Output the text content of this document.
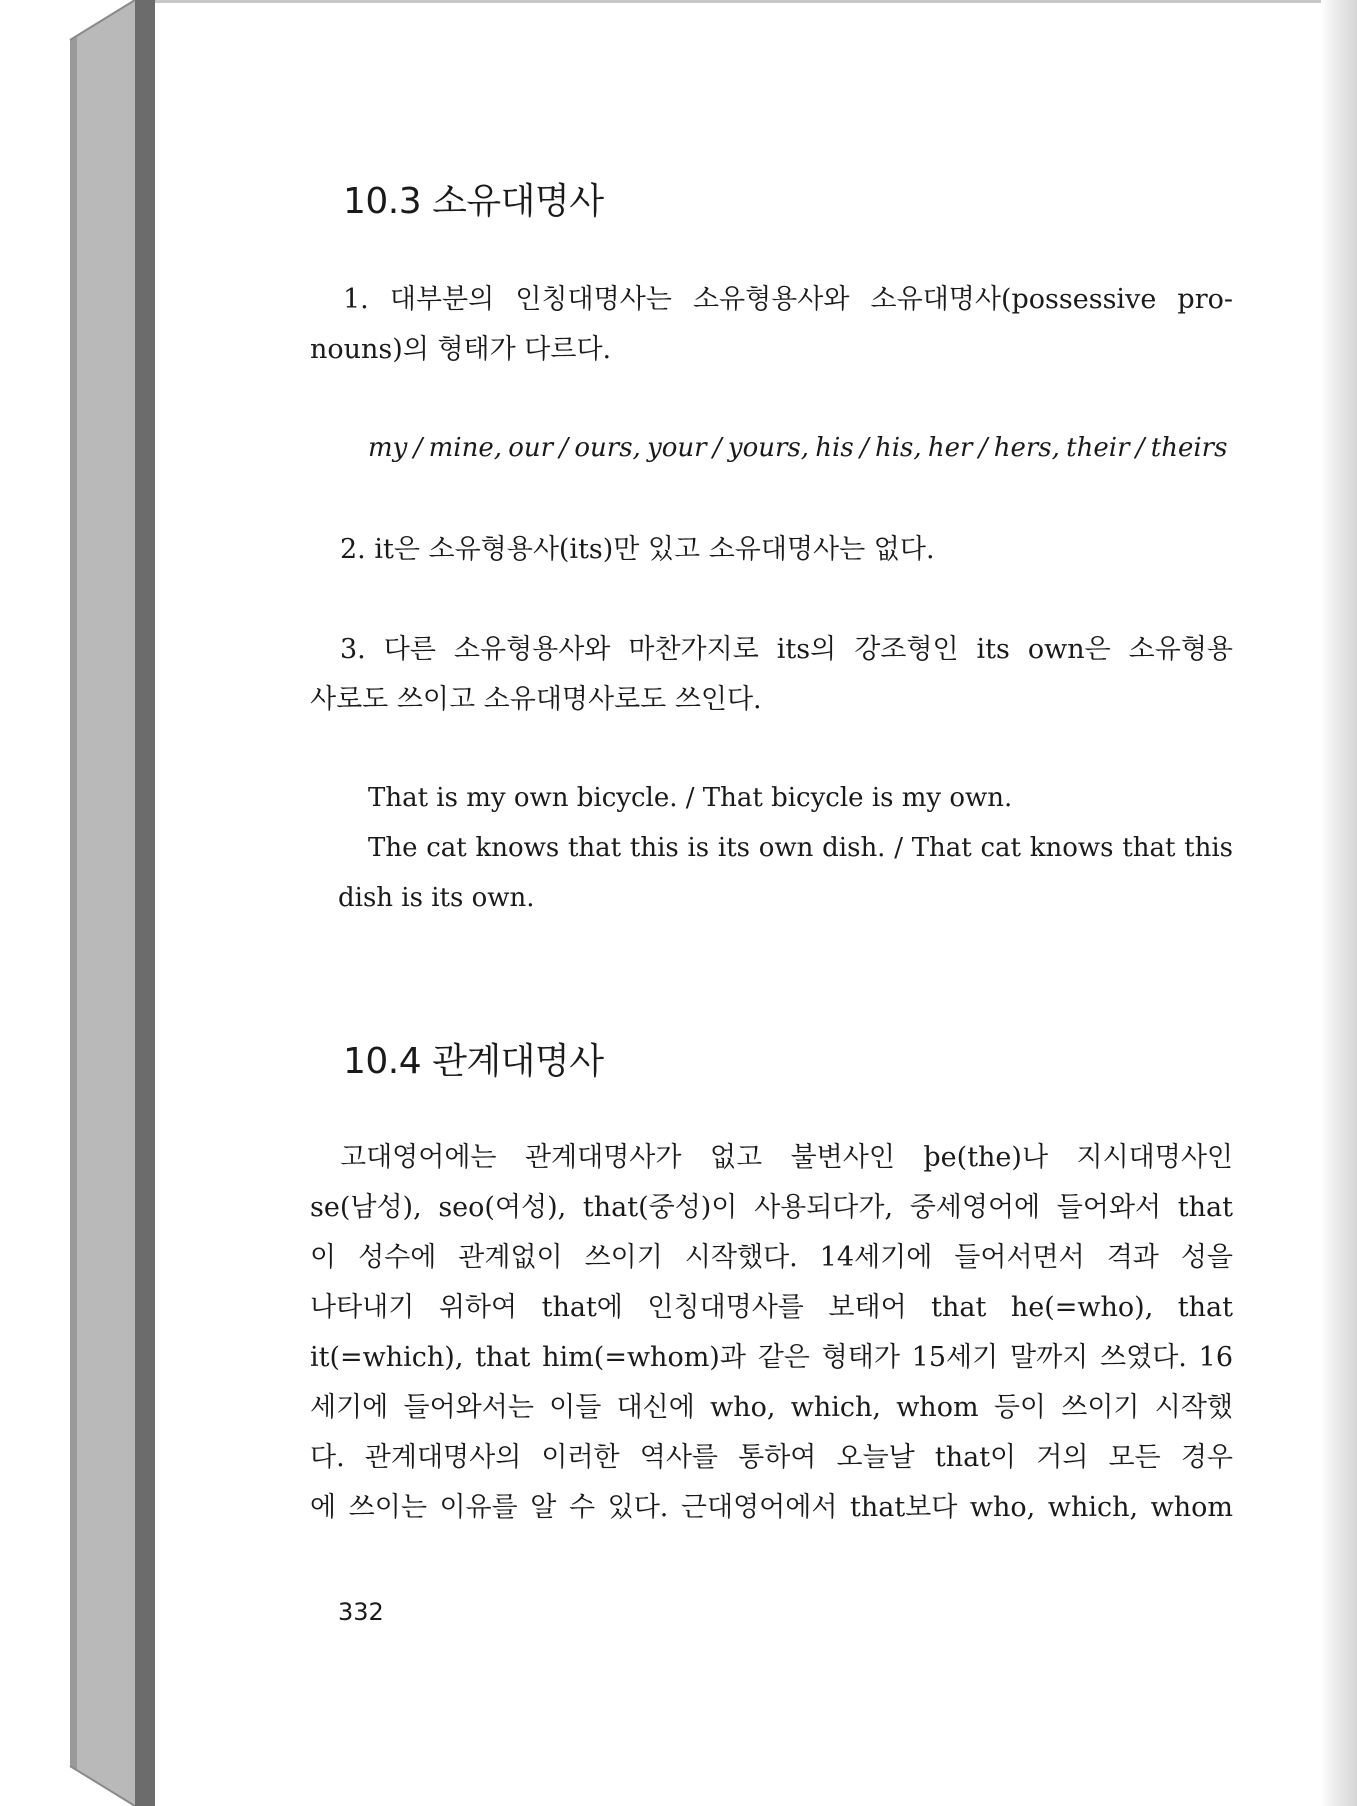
10.3 소유대명사

1. 대부분의 인칭대명사는 소유형용사와 소유대명사(possessive pro-

nouns)의 형태가 다르다.

my / mine, our / ours, your / yours, his / his, her / hers, their / theirs

2. it은 소유형용사(its)만 있고 소유대명사는 없다.

3. 다른 소유형용사와 마찬가지로 its의 강조형인 its own은 소유형용

사로도 쓰이고 소유대명사로도 쓰인다.

That is my own bicycle. / That bicycle is my own.

The cat knows that this is its own dish. / That cat knows that this

dish is its own.

10.4 관계대명사

고대영어에는 관계대명사가 없고 불변사인 þe(the)나 지시대명사인

se(남성), seo(여성), that(중성)이 사용되다가, 중세영어에 들어와서 that

이 성수에 관계없이 쓰이기 시작했다. 14세기에 들어서면서 격과 성을

나타내기 위하여 that에 인칭대명사를 보태어 that he(=who), that

it(=which), that him(=whom)과 같은 형태가 15세기 말까지 쓰였다. 16

세기에 들어와서는 이들 대신에 who, which, whom 등이 쓰이기 시작했

다. 관계대명사의 이러한 역사를 통하여 오늘날 that이 거의 모든 경우

에 쓰이는 이유를 알 수 있다. 근대영어에서 that보다 who, which, whom

332
